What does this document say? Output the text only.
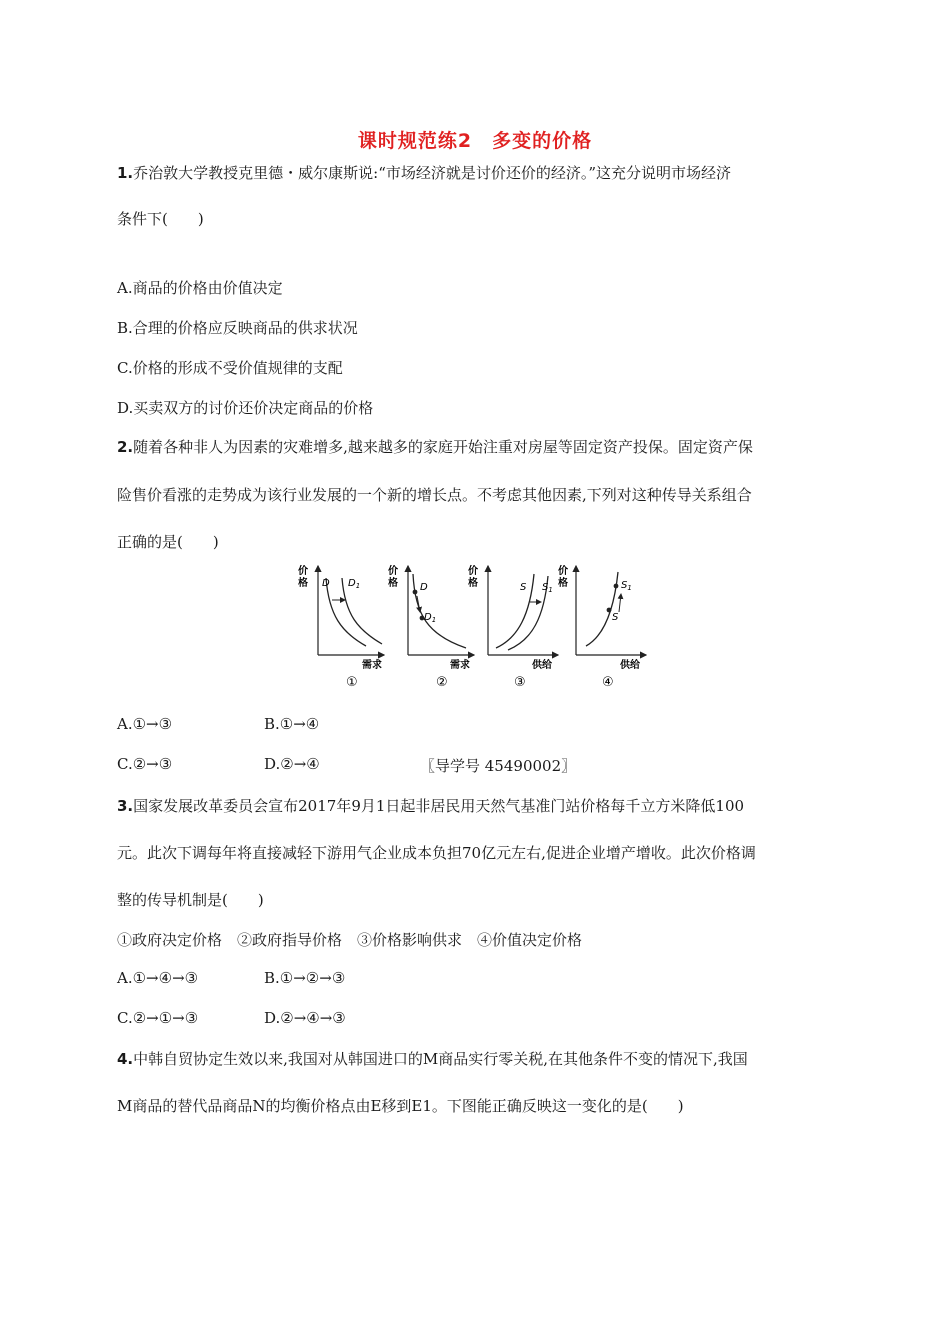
课时规范练2　多变的价格
1.乔治敦大学教授克里德・威尔康斯说:“市场经济就是讨价还价的经济。”这充分说明市场经济
条件下(　　)
A.商品的价格由价值决定
B.合理的价格应反映商品的供求状况
C.价格的形成不受价值规律的支配
D.买卖双方的讨价还价决定商品的价格
2.随着各种非人为因素的灾难增多,越来越多的家庭开始注重对房屋等固定资产投保。固定资产保
险售价看涨的走势成为该行业发展的一个新的增长点。不考虑其他因素,下列对这种传导关系组合
正确的是(　　)
价
格 D $D_1$
需求
①
价
格 D
$D_1$
需求
②
价
格	S $S_1$
供给
③
价
格	$S_1$
S
供给
④
A.①→③	B.①→④
C.②→③	D.②→④	〖导学号 45490002〗
3.国家发展改革委员会宣布2017年9月1日起非居民用天然气基准门站价格每千立方米降低100
元。此次下调每年将直接减轻下游用气企业成本负担70亿元左右,促进企业增产增收。此次价格调
整的传导机制是(　　)
①政府决定价格　②政府指导价格　③价格影响供求　④价值决定价格
A.①→④→③	B.①→②→③
C.②→①→③	D.②→④→③
4.中韩自贸协定生效以来,我国对从韩国进口的M商品实行零关税,在其他条件不变的情况下,我国
M商品的替代品商品N的均衡价格点由E移到E1。下图能正确反映这一变化的是(　　)
